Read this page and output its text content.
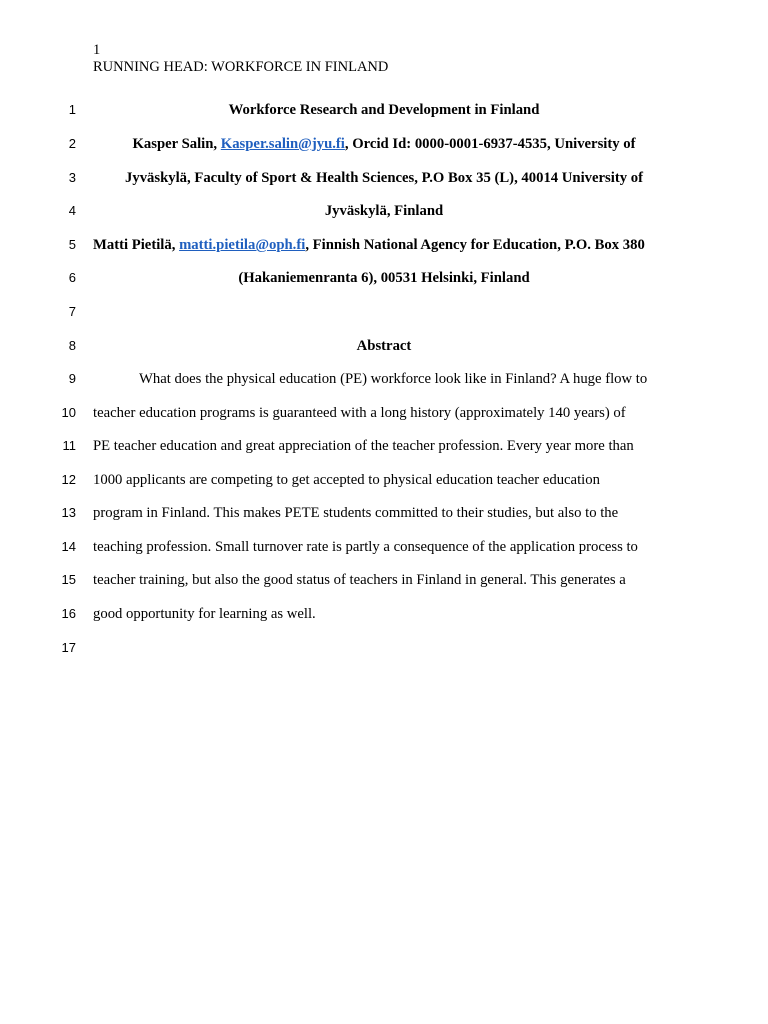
1
RUNNING HEAD: WORKFORCE IN FINLAND
1	Workforce Research and Development in Finland
2	Kasper Salin, Kasper.salin@jyu.fi, Orcid Id: 0000-0001-6937-4535, University of
3	Jyväskylä, Faculty of Sport & Health Sciences, P.O Box 35 (L), 40014 University of
4	Jyväskylä, Finland
5 Matti Pietilä, matti.pietila@oph.fi, Finnish National Agency for Education, P.O. Box 380
6	(Hakaniemenranta 6), 00531 Helsinki, Finland
7
8	Abstract
9	What does the physical education (PE) workforce look like in Finland? A huge flow to
10 teacher education programs is guaranteed with a long history (approximately 140 years) of
11 PE teacher education and great appreciation of the teacher profession. Every year more than
12 1000 applicants are competing to get accepted to physical education teacher education
13 program in Finland. This makes PETE students committed to their studies, but also to the
14 teaching profession. Small turnover rate is partly a consequence of the application process to
15 teacher training, but also the good status of teachers in Finland in general. This generates a
16 good opportunity for learning as well.
17
